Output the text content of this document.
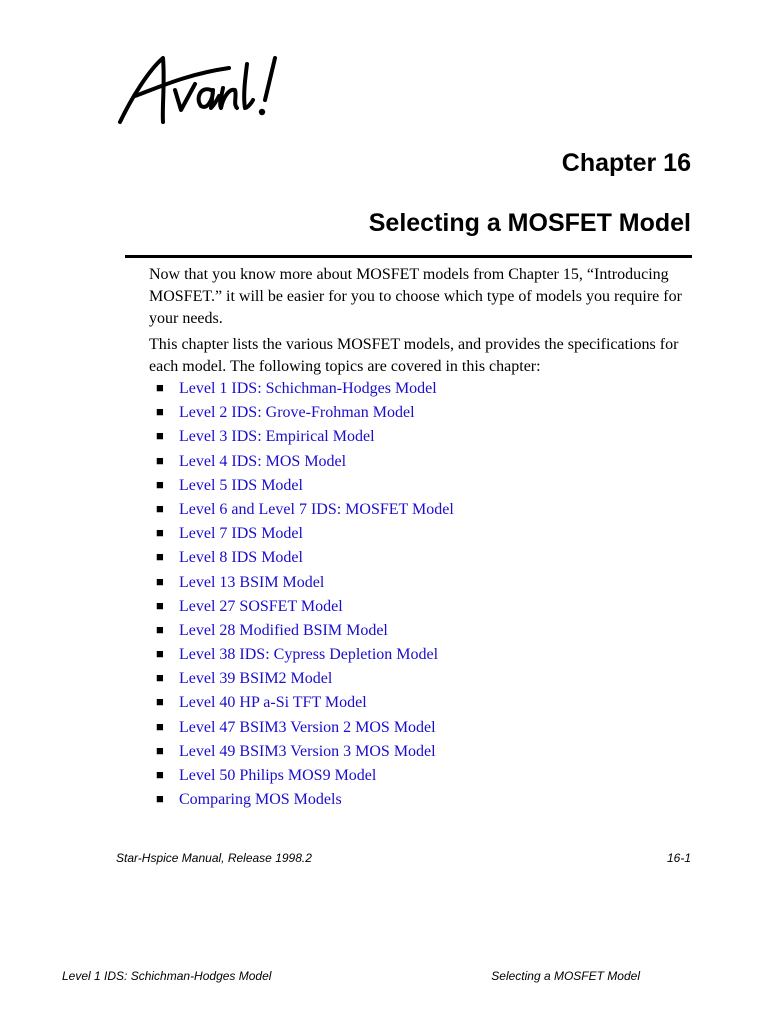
Chapter 16
Selecting a MOSFET Model

Now that you know more about MOSFET models from Chapter 15, “Introducing MOSFET.” it will be easier for you to choose which type of models you require for your needs.

This chapter lists the various MOSFET models, and provides the specifications for each model. The following topics are covered in this chapter:

■ Level 1 IDS: Schichman-Hodges Model
■ Level 2 IDS: Grove-Frohman Model
■ Level 3 IDS: Empirical Model
■ Level 4 IDS: MOS Model
■ Level 5 IDS Model
■ Level 6 and Level 7 IDS: MOSFET Model
■ Level 7 IDS Model
■ Level 8 IDS Model
■ Level 13 BSIM Model
■ Level 27 SOSFET Model
■ Level 28 Modified BSIM Model
■ Level 38 IDS: Cypress Depletion Model
■ Level 39 BSIM2 Model
■ Level 40 HP a-Si TFT Model
■ Level 47 BSIM3 Version 2 MOS Model
■ Level 49 BSIM3 Version 3 MOS Model
■ Level 50 Philips MOS9 Model
■ Comparing MOS Models
Star-Hspice Manual, Release 1998.2	16-1
Level 1 IDS: Schichman-Hodges Model	Selecting a MOSFET Model
